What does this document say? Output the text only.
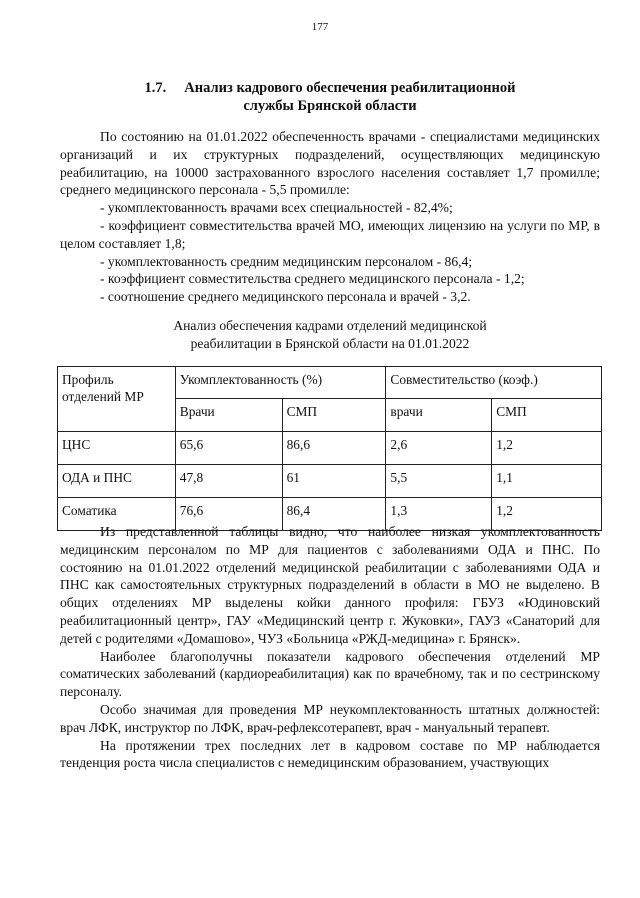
177
1.7. Анализ кадрового обеспечения реабилитационной
службы Брянской области

По состоянию на 01.01.2022 обеспеченность врачами - специалистами медицинских организаций и их структурных подразделений, осуществляющих медицинскую реабилитацию, на 10000 застрахованного взрослого населения составляет 1,7 промилле; среднего медицинского персонала - 5,5 промилле:

- укомплектованность врачами всех специальностей - 82,4%;

- коэффициент совместительства врачей МО, имеющих лицензию на услуги по МР, в целом составляет 1,8;

- укомплектованность средним медицинским персоналом - 86,4;

- коэффициент совместительства среднего медицинского персонала - 1,2;

- соотношение среднего медицинского персонала и врачей - 3,2.

Анализ обеспечения кадрами отделений медицинской
реабилитации в Брянской области на 01.01.2022
Профиль отделений МР	Укомплектованность (%)		Совместительство (коэф.)	
	Врачи	СМП	врачи	СМП
ЦНС	65,6	86,6	2,6	1,2
ОДА и ПНС	47,8	61	5,5	1,1
Соматика	76,6	86,4	1,3	1,2

Из представленной таблицы видно, что наиболее низкая укомплектованность медицинским персоналом по МР для пациентов с заболеваниями ОДА и ПНС. По состоянию на 01.01.2022 отделений медицинской реабилитации с заболеваниями ОДА и ПНС как самостоятельных структурных подразделений в области в МО не выделено. В общих отделениях МР выделены койки данного профиля: ГБУЗ «Юдиновский реабилитационный центр», ГАУ «Медицинский центр г. Жуковки», ГАУЗ «Санаторий для детей с родителями «Домашово», ЧУЗ «Больница «РЖД-медицина» г. Брянск».

Наиболее благополучны показатели кадрового обеспечения отделений МР соматических заболеваний (кардиореабилитация) как по врачебному, так и по сестринскому персоналу.

Особо значимая для проведения МР неукомплектованность штатных должностей: врач ЛФК, инструктор по ЛФК, врач-рефлексотерапевт, врач - мануальный терапевт.

На протяжении трех последних лет в кадровом составе по МР наблюдается тенденция роста числа специалистов с немедицинским образованием, участвующих
